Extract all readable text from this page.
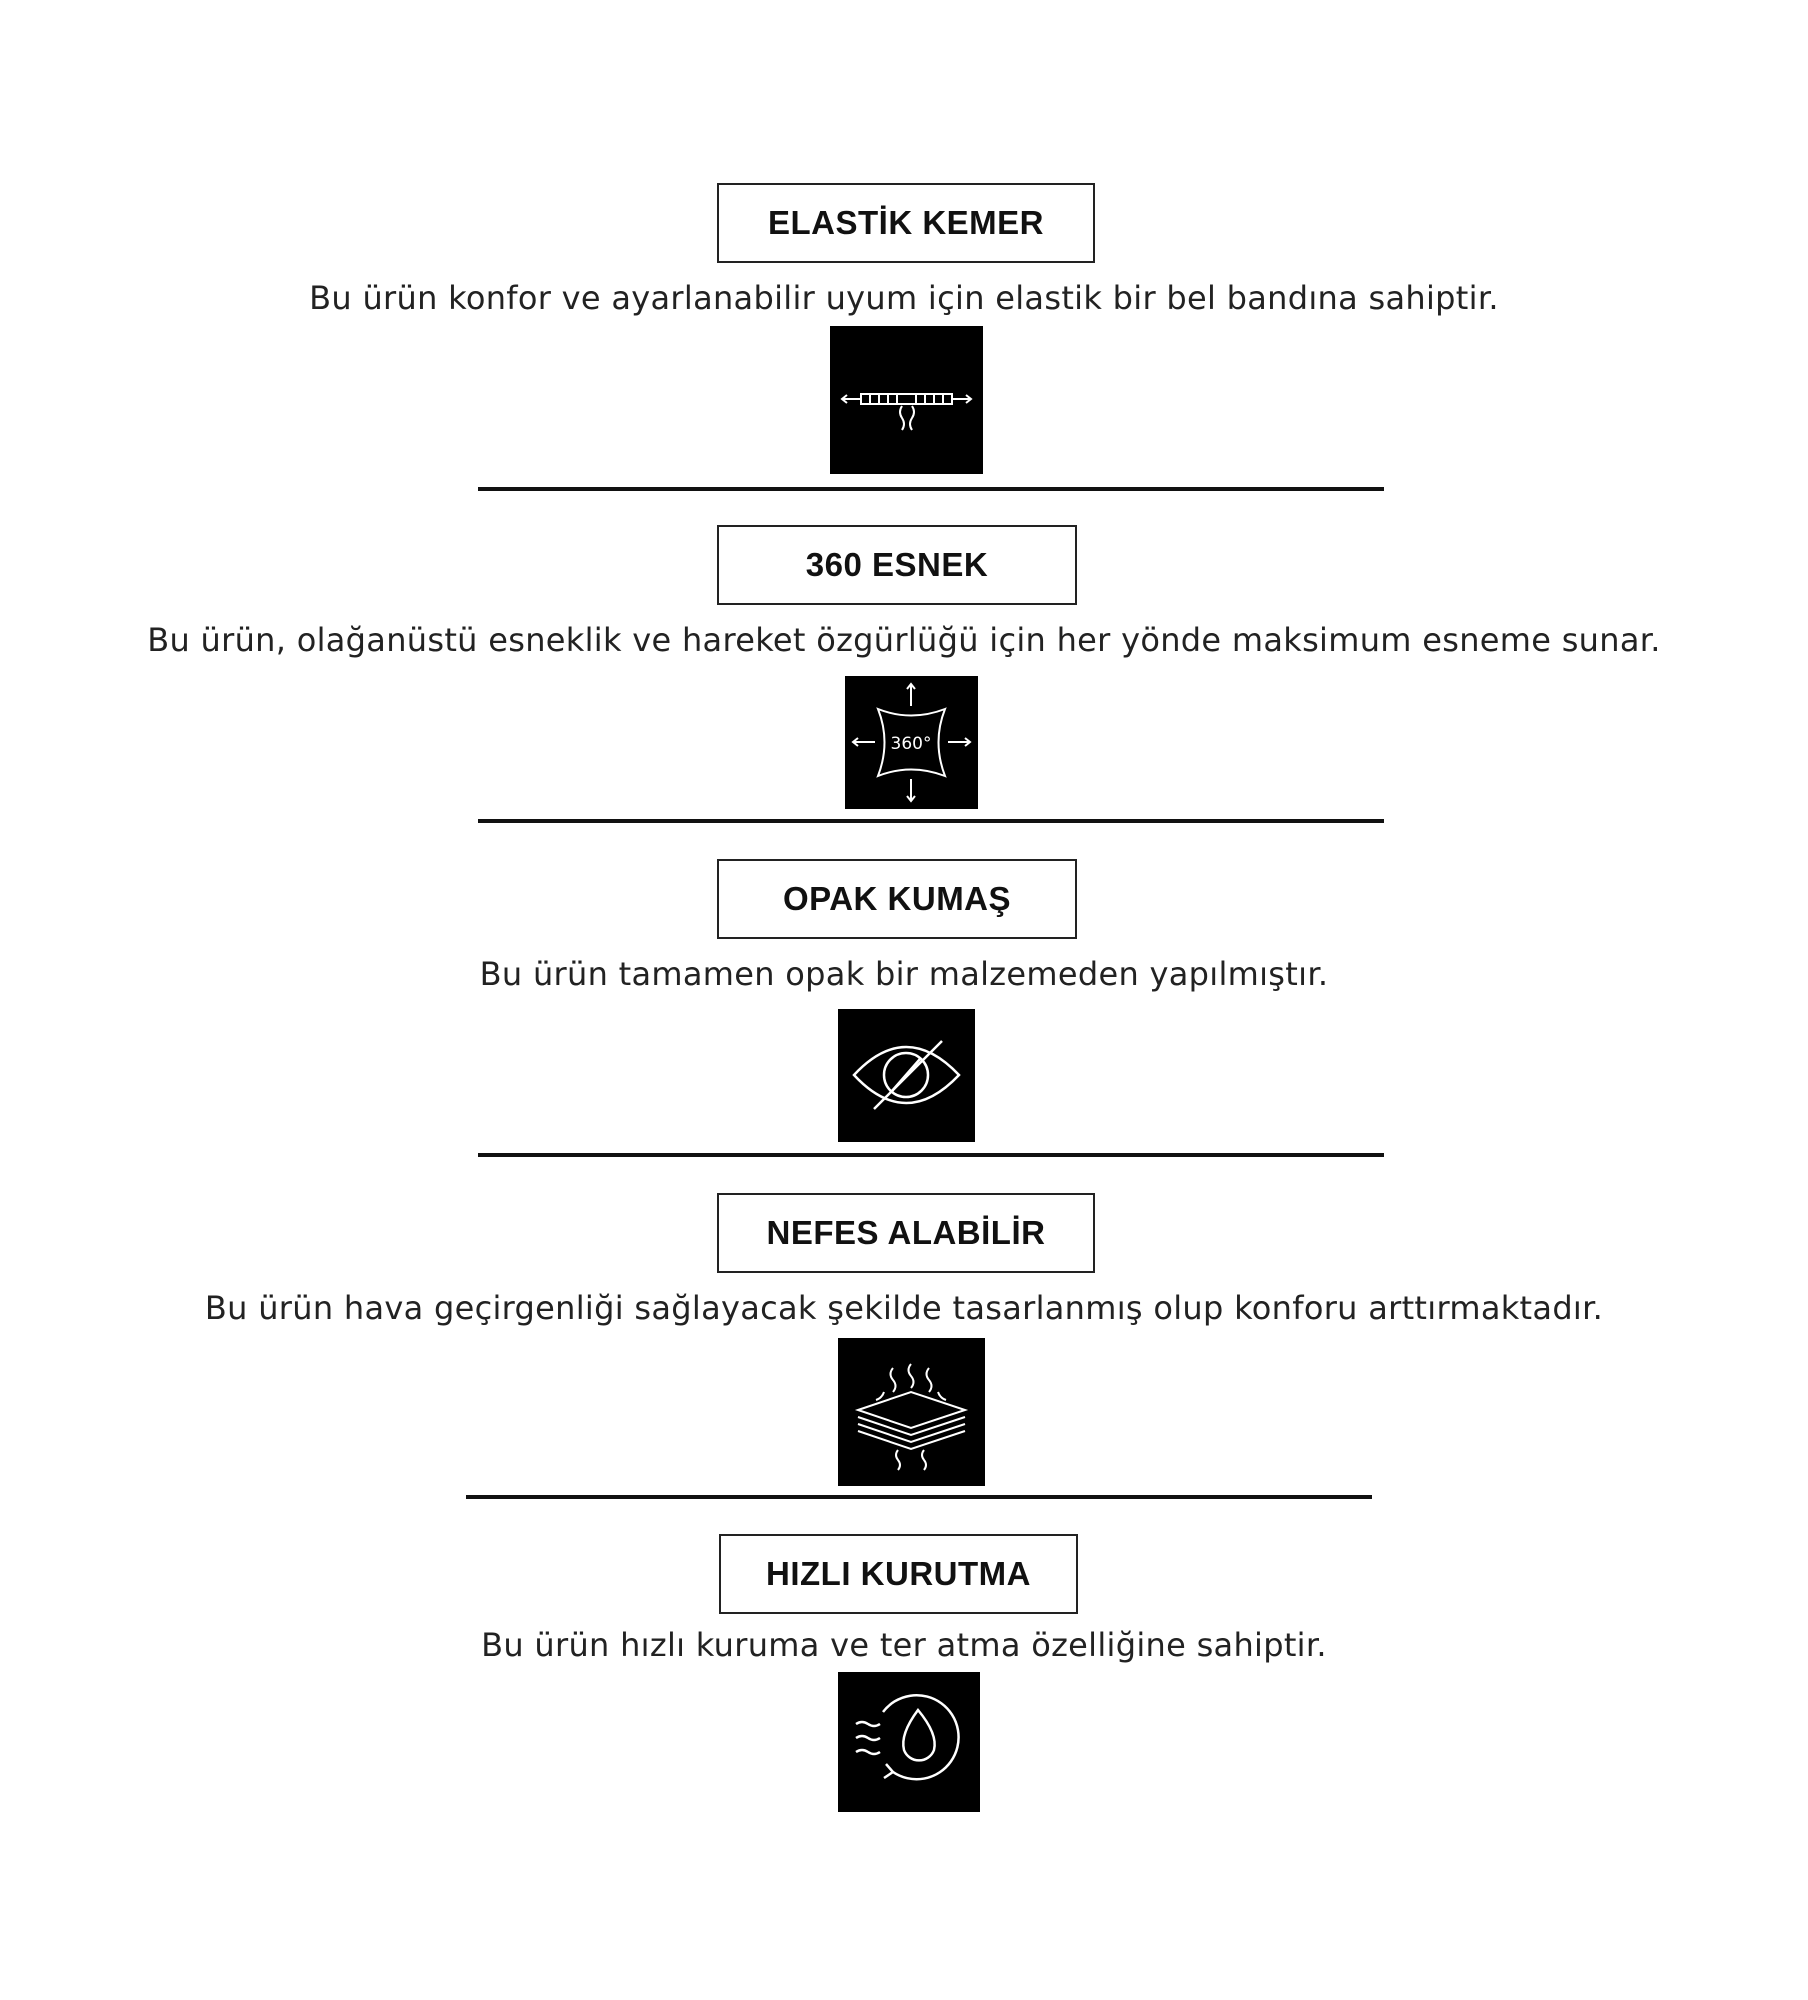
ELASTİK KEMER
Bu ürün konfor ve ayarlanabilir uyum için elastik bir bel bandına sahiptir.
360 ESNEK
Bu ürün, olağanüstü esneklik ve hareket özgürlüğü için her yönde maksimum esneme sunar.
360°
OPAK KUMAŞ
Bu ürün tamamen opak bir malzemeden yapılmıştır.
NEFES ALABİLİR
Bu ürün hava geçirgenliği sağlayacak şekilde tasarlanmış olup konforu arttırmaktadır.
HIZLI KURUTMA
Bu ürün hızlı kuruma ve ter atma özelliğine sahiptir.
